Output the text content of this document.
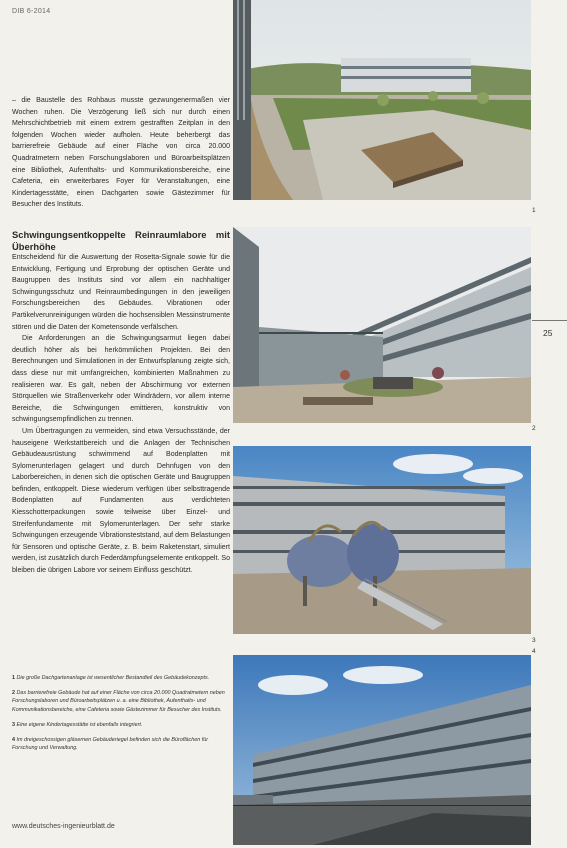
DIB 6-2014

– die Baustelle des Rohbaus musste gezwungenermaßen vier Wochen ruhen. Die Verzögerung ließ sich nur durch einen Mehrschichtbetrieb mit einem extrem gestrafften Zeitplan in den folgenden Wochen wieder aufholen. Heute beherbergt das barrierefreie Gebäude auf einer Fläche von circa 20.000 Quadratmetern neben Forschungslaboren und Büroarbeitsplätzen eine Bibliothek, Aufenthalts- und Kommunikationsbereiche, eine Cafeteria, ein erweiterbares Foyer für Veranstaltungen, eine Kindertagesstätte, einen Dachgarten sowie Gästezimmer für Besucher des Instituts.

Schwingungsentkoppelte Reinraumlabore mit Überhöhe

Entscheidend für die Auswertung der Rosetta-Signale sowie für die Entwicklung, Fertigung und Erprobung der optischen Geräte und Baugruppen des Instituts sind vor allem ein nachhaltiger Schwingungsschutz und Reinraumbedingungen in den jeweiligen Forschungsbereichen des Gebäudes. Vibrationen oder Partikelverunreinigungen würden die hochsensiblen Messinstrumente stören und die Daten der Kometensonde verfälschen.

Die Anforderungen an die Schwingungsarmut liegen dabei deutlich höher als bei herkömmlichen Projekten. Bei den Berechnungen und Simulationen in der Entwurfsplanung zeigte sich, dass diese nur mit umfangreichen, kombinierten Maßnahmen zu realisieren war. Es galt, neben der Abschirmung vor externen Störquellen wie Straßenverkehr oder Windrädern, vor allem interne Bereiche, die Schwingungen emittieren, konstruktiv von schwingungsempfindlichen zu trennen.

Um Übertragungen zu vermeiden, sind etwa Versuchsstände, der hauseigene Werkstattbereich und die Anlagen der Technischen Gebäudeausrüstung schwimmend auf Bodenplatten mit Sylomerunterlagen gelagert und durch Dehnfugen von den Laborbereichen, in denen sich die optischen Geräte und Baugruppen befinden, entkoppelt. Diese wiederum verfügen über selbsttragende Bodenplatten auf Fundamenten aus verdichteten Kiesschotterpackungen sowie teilweise über Einzel- und Streifenfundamente mit Sylomerunterlagen. Der sehr starke Schwingungen erzeugende Vibrationsteststand, auf dem Belastungen für Sensoren und optische Geräte, z. B. beim Raketenstart, simuliert werden, ist zusätzlich durch Federdämpfungselemente entkoppelt. So bleiben die übrigen Labore vor seinem Einfluss geschützt.

1 Die große Dachgartenanlage ist wesentlicher Bestandteil des Gebäudekonzepts.

2 Das barrierefreie Gebäude hat auf einer Fläche von circa 20.000 Quadratmetern neben Forschungslaboren und Büroarbeitsplätzen u. a. eine Bibliothek, Aufenthalts- und Kommunikationsbereiche, eine Cafeteria sowie Gästezimmer für Besucher des Instituts.

3 Eine eigene Kindertagesstätte ist ebenfalls integriert.

4 Im dreigeschossigen gläsernen Gebäuderiegel befinden sich die Büroflächen für Forschung und Verwaltung.

www.deutsches-ingenieurblatt.de
25
1
2
3
4
